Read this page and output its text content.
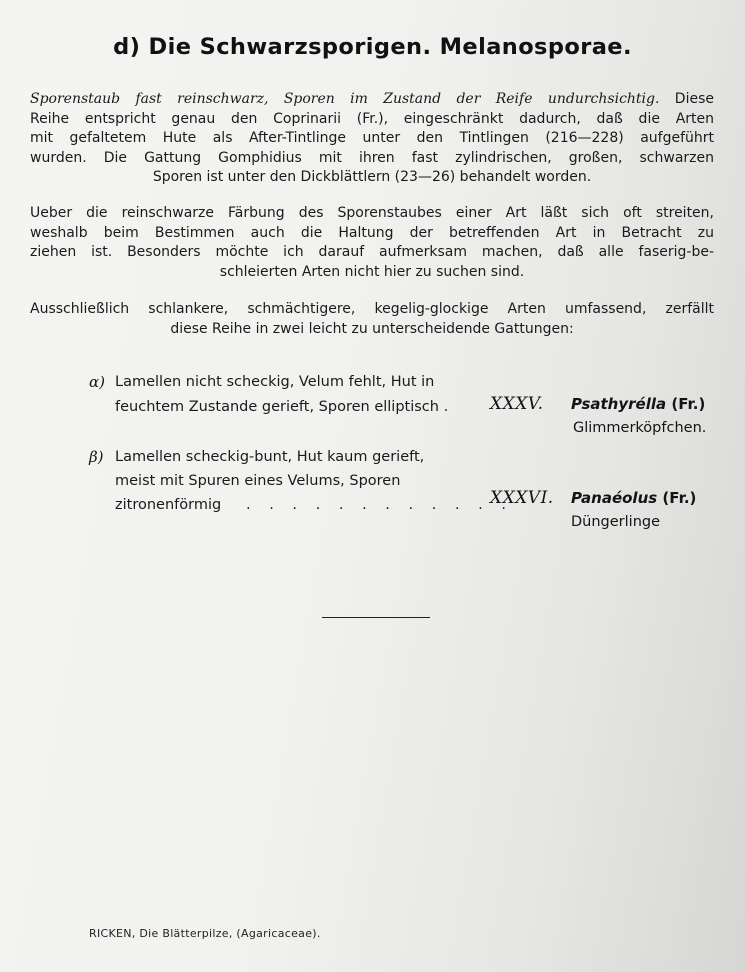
d) Die Schwarzsporigen. Melanosporae.
Sporenstaub fast reinschwarz, Sporen im Zustand der Reife undurchsichtig. Diese
Reihe entspricht genau den Coprinarii (Fr.), eingeschränkt dadurch, daß die Arten
mit gefaltetem Hute als After-Tintlinge unter den Tintlingen (216—228) aufgeführt
wurden. Die Gattung Gomphidius mit ihren fast zylindrischen, großen, schwarzen
Sporen ist unter den Dickblättlern (23—26) behandelt worden.
Ueber die reinschwarze Färbung des Sporenstaubes einer Art läßt sich oft streiten,
weshalb beim Bestimmen auch die Haltung der betreffenden Art in Betracht zu
ziehen ist. Besonders möchte ich darauf aufmerksam machen, daß alle faserig-be-
schleierten Arten nicht hier zu suchen sind.
Ausschließlich schlankere, schmächtigere, kegelig-glockige Arten umfassend, zerfällt
diese Reihe in zwei leicht zu unterscheidende Gattungen:
α) Lamellen nicht scheckig, Velum fehlt, Hut in
feuchtem Zustande gerieft, Sporen elliptisch . XXXV. Psathyrélla (Fr.)
Glimmerköpfchen.
β) Lamellen scheckig-bunt, Hut kaum gerieft,
meist mit Spuren eines Velums, Sporen
zitronenförmig . . . . . . . . . . . .
XXXVI. Panaéolus (Fr.)
Düngerlinge
RICKEN, Die Blätterpilze, (Agaricaceae).
